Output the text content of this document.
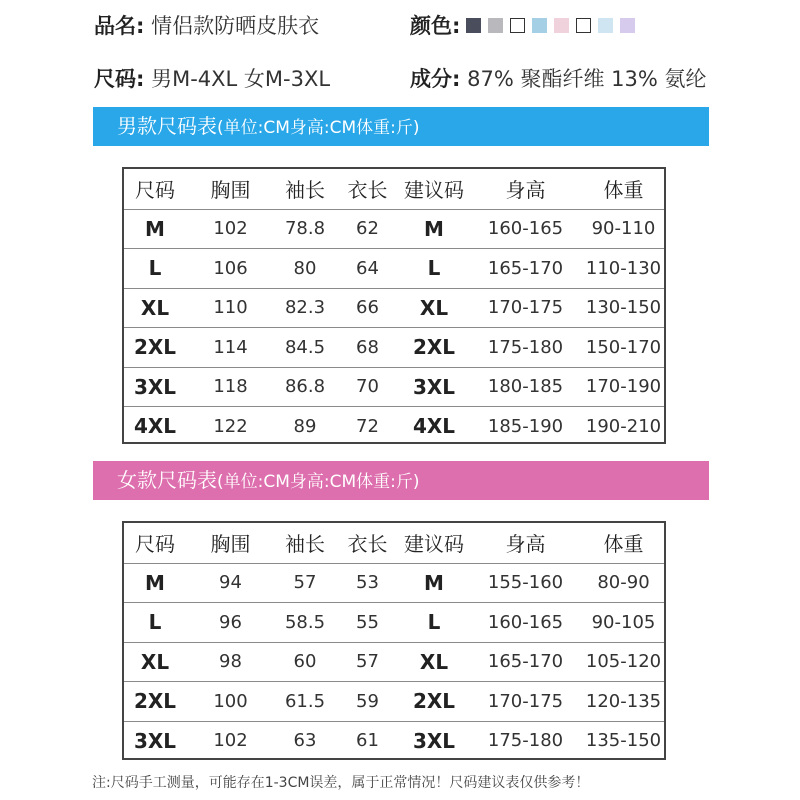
品名: 情侣款防晒皮肤衣	颜色:
尺码: 男M-4XL 女M-3XL	成分: 87% 聚酯纤维 13% 氨纶
男款尺码表(单位:CM身高:CM体重:斤)
尺码	胸围	袖长	衣长 建议码	身高	体重
M	102	78.8	62	M	160-165	90-110
L	106	80	64	L	165-170	110-130
XL	110	82.3	66	XL	170-175	130-150
2XL	114	84.5	68	2XL	175-180	150-170
3XL	118	86.8	70	3XL	180-185	170-190
4XL	122	89	72	4XL	185-190	190-210
女款尺码表(单位:CM身高:CM体重:斤)
尺码	胸围	袖长	衣长 建议码	身高	体重
M	94	57	53	M	155-160	80-90
L	96	58.5	55	L	160-165	90-105
XL	98	60	57	XL	165-170	105-120
2XL	100	61.5	59	2XL	170-175	120-135
3XL	102	63	61	3XL	175-180	135-150
注:尺码手工测量，可能存在1-3CM误差，属于正常情况！尺码建议表仅供参考！
